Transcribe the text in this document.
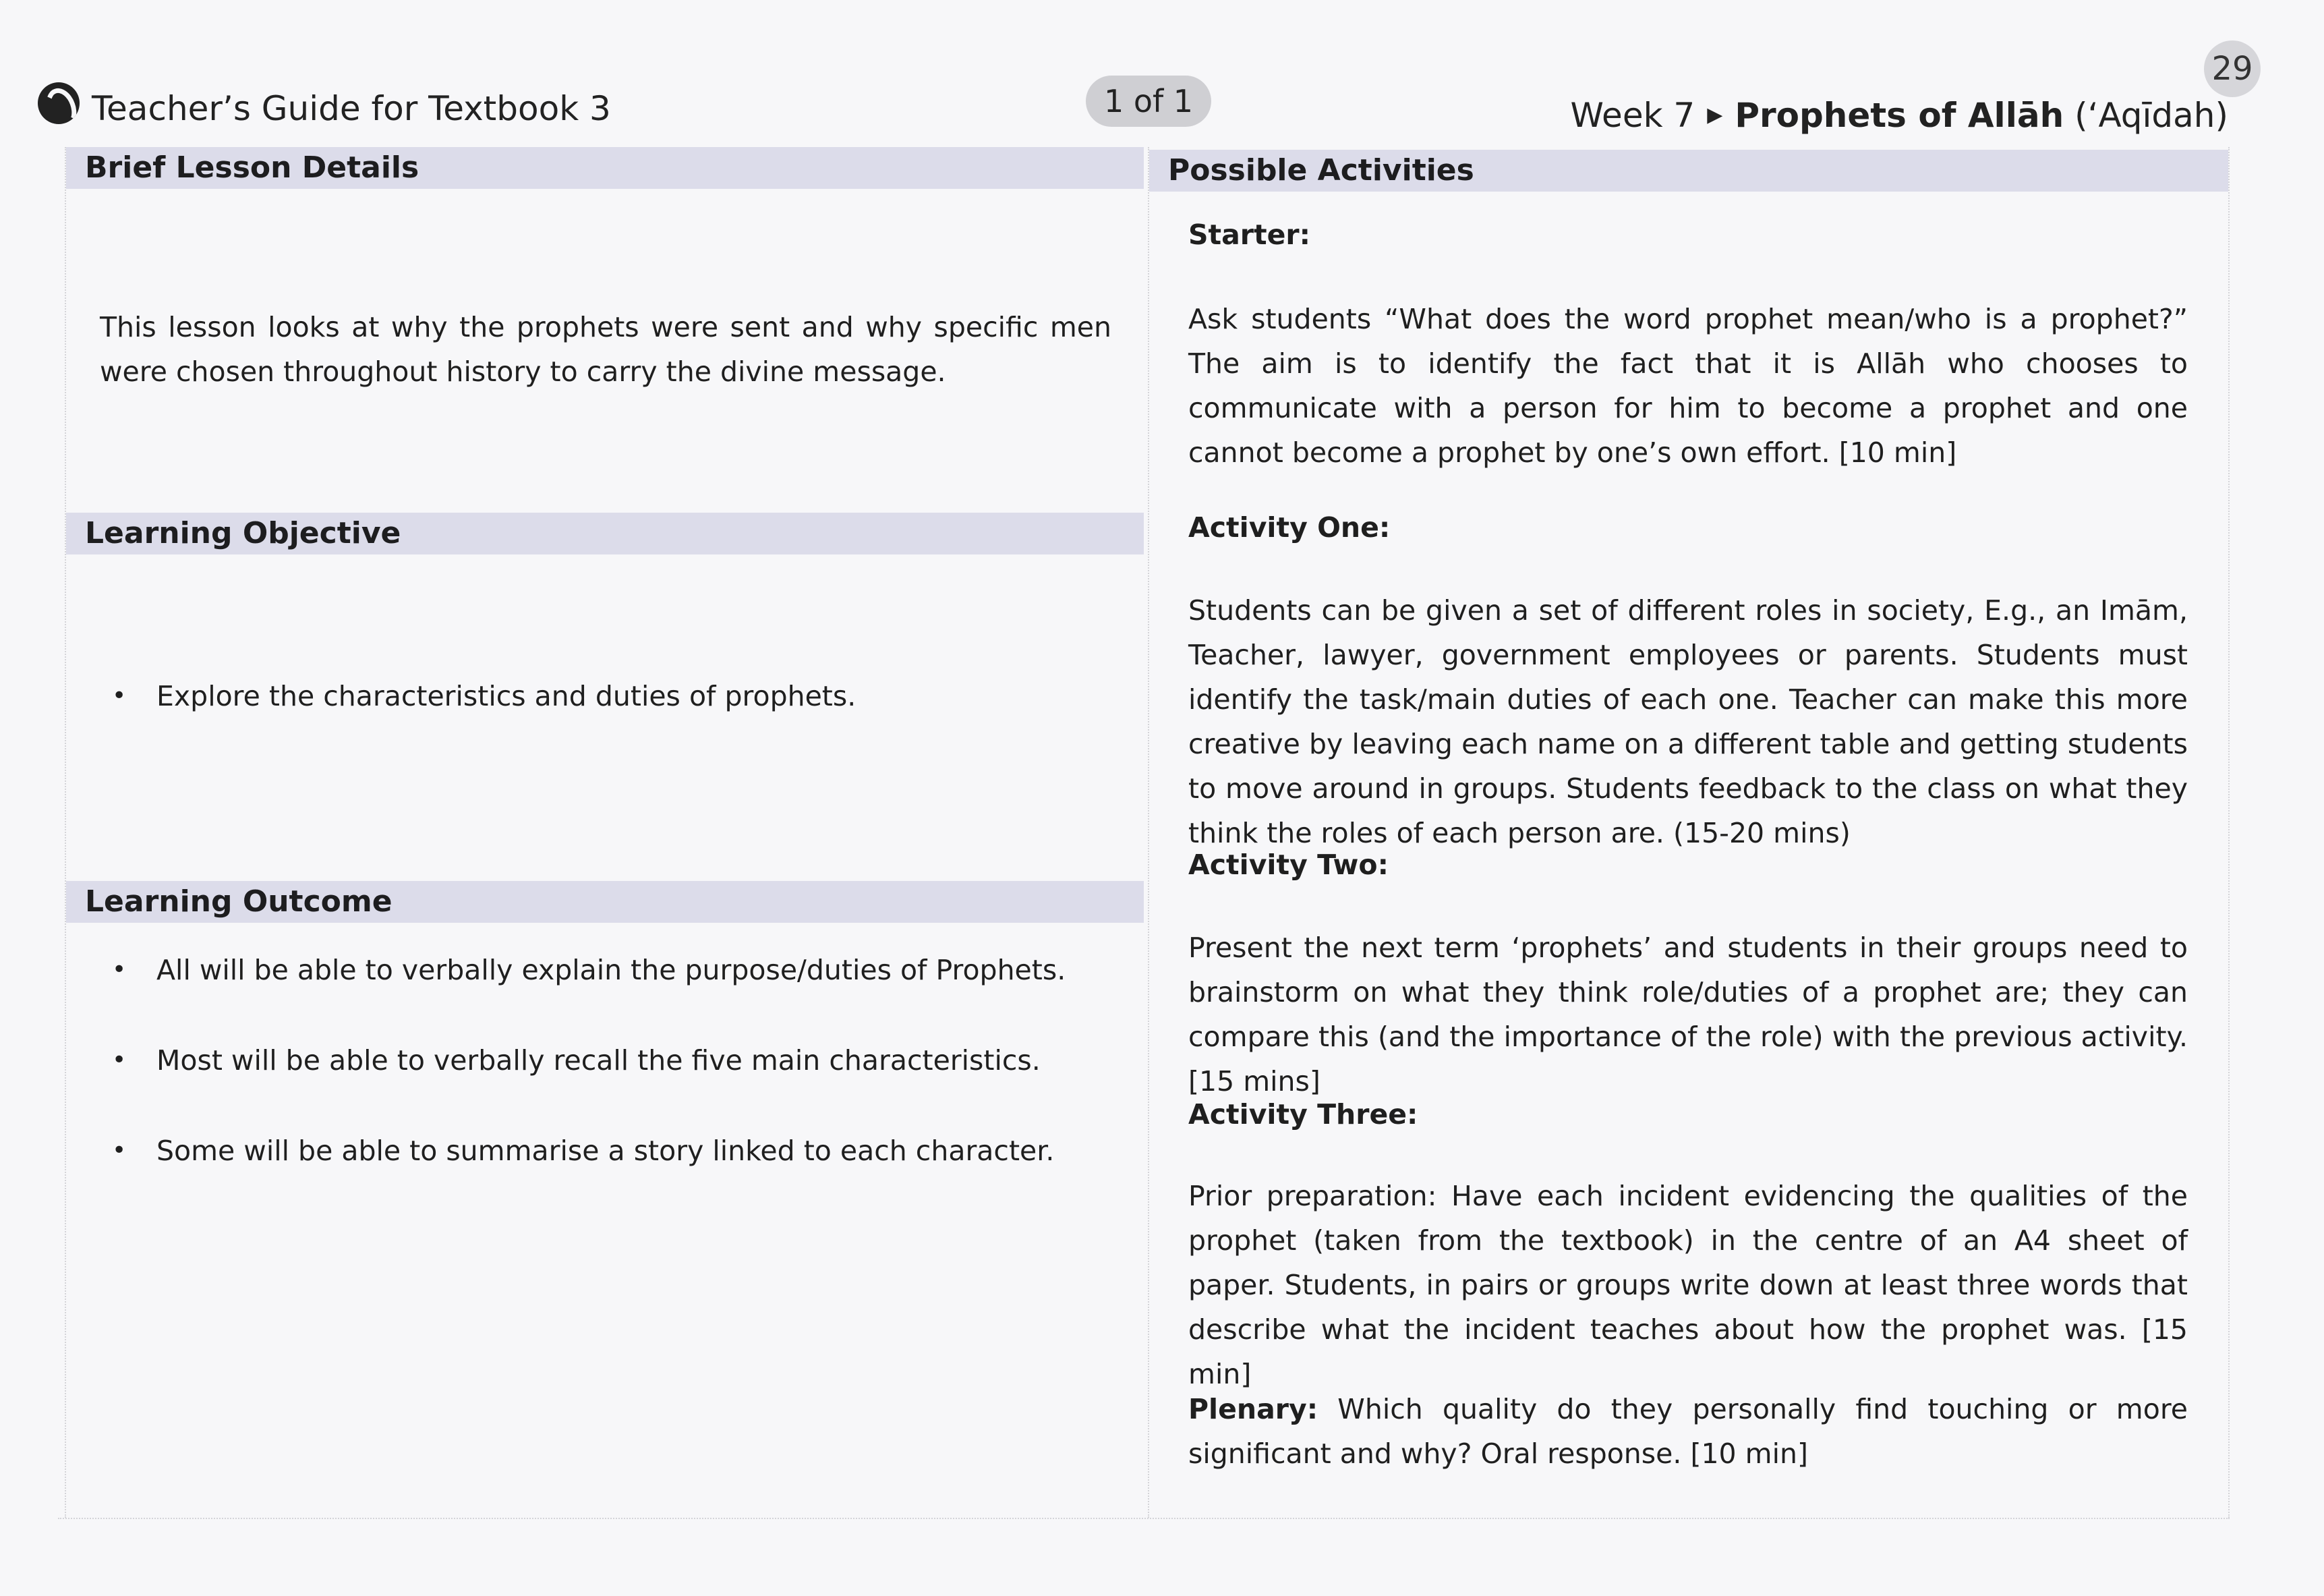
29
Teacher’s Guide for Textbook 3	1 of 1	Week 7 ▶ Prophets of Allāh (‘Aqīdah)
Brief Lesson Details
This lesson looks at why the prophets were sent and why specific men were chosen throughout history to carry the divine message.
Learning Objective
• Explore the characteristics and duties of prophets.
Learning Outcome
• All will be able to verbally explain the purpose/duties of Prophets.
• Most will be able to verbally recall the five main characteristics.
• Some will be able to summarise a story linked to each character.
Possible Activities
Starter:
Ask students “What does the word prophet mean/who is a prophet?” The aim is to identify the fact that it is Allāh who chooses to communicate with a person for him to become a prophet and one cannot become a prophet by one’s own effort. [10 min]
Activity One:
Students can be given a set of different roles in society, E.g., an Imām, Teacher, lawyer, government employees or parents. Students must identify the task/main duties of each one. Teacher can make this more creative by leaving each name on a different table and getting students to move around in groups. Students feedback to the class on what they think the roles of each person are. (15-20 mins)
Activity Two:
Present the next term ‘prophets’ and students in their groups need to brainstorm on what they think role/duties of a prophet are; they can compare this (and the importance of the role) with the previous activity. [15 mins]
Activity Three:
Prior preparation: Have each incident evidencing the qualities of the prophet (taken from the textbook) in the centre of an A4 sheet of paper. Students, in pairs or groups write down at least three words that describe what the incident teaches about how the prophet was. [15 min]
Plenary: Which quality do they personally find touching or more significant and why? Oral response. [10 min]
